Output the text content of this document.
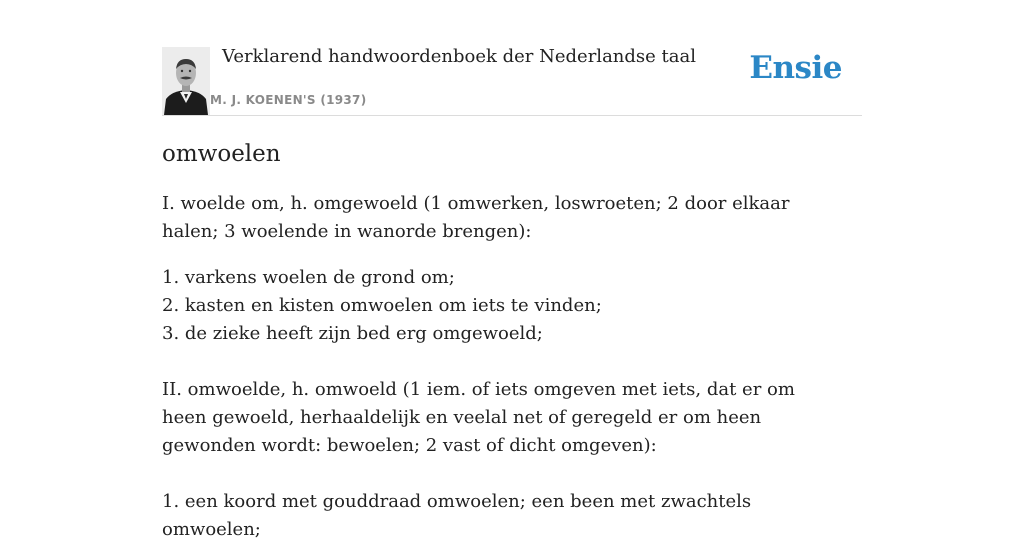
Verklarend handwoordenboek der Nederlandse taal
M. J. KOENEN'S (1937)
Ensie
omwoelen

I. woelde om, h. omgewoeld (1 omwerken, loswroeten; 2 door elkaar halen; 3 woelende in wanorde brengen):

1. varkens woelen de grond om;
2. kasten en kisten omwoelen om iets te vinden;
3. de zieke heeft zijn bed erg omgewoeld;

II. omwoelde, h. omwoeld (1 iem. of iets omgeven met iets, dat er om heen gewoeld, herhaaldelijk en veelal net of geregeld er om heen gewonden wordt: bewoelen; 2 vast of dicht omgeven):

1. een koord met gouddraad omwoelen; een been met zwachtels omwoelen;
